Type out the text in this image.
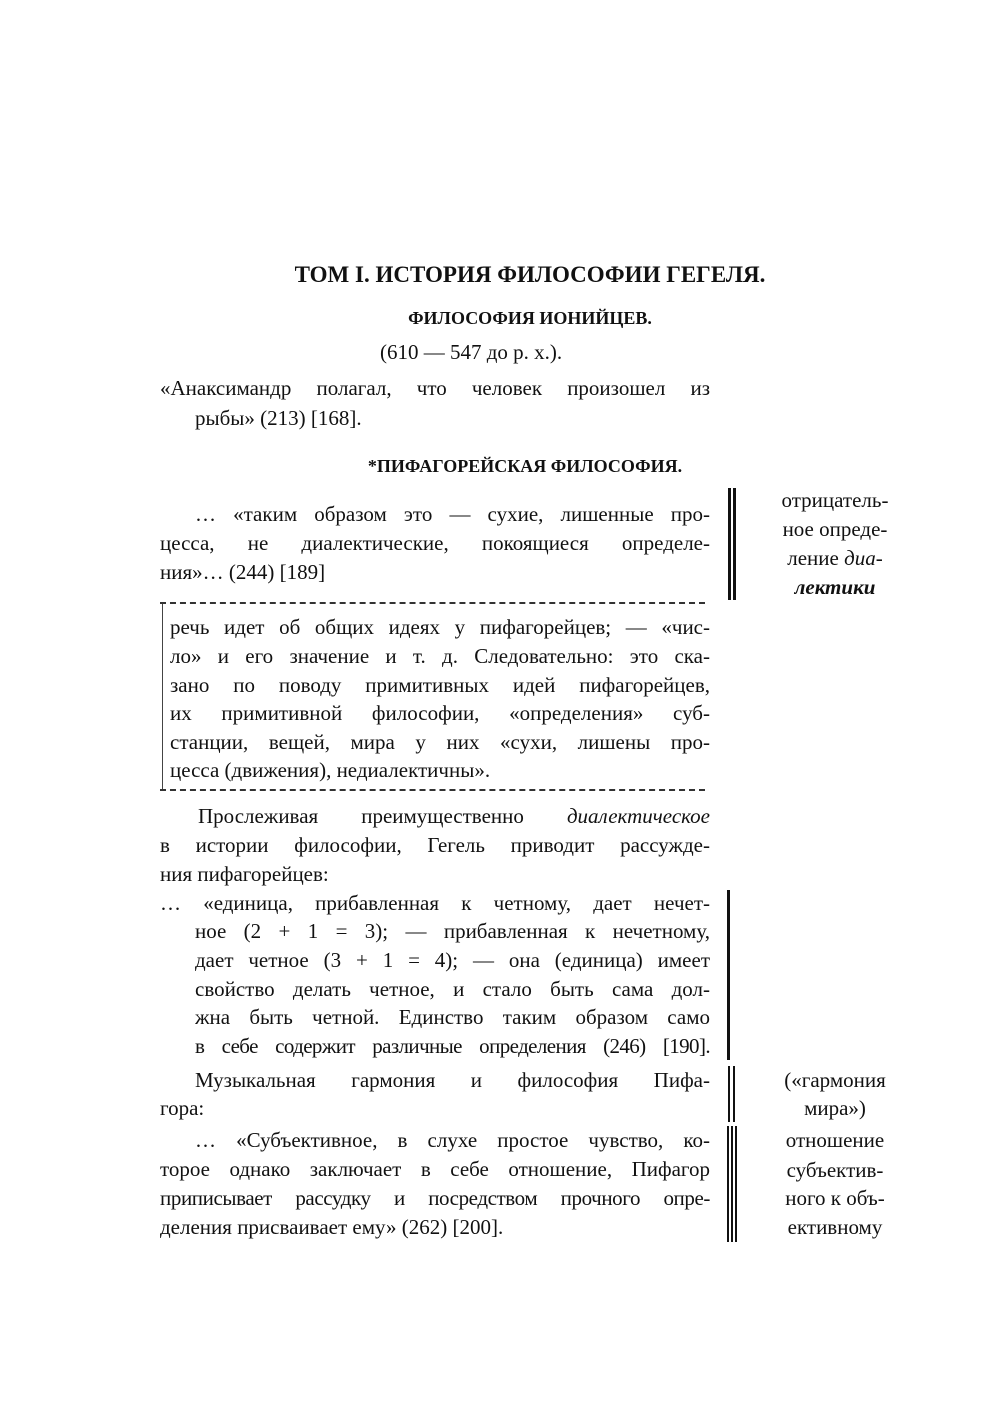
ТОМ I. ИСТОРИЯ ФИЛОСОФИИ ГЕГЕЛЯ.
ФИЛОСОФИЯ ИОНИЙЦЕВ.
(610 — 547 до р. х.).
«Анаксимандр полагал, что человек произошел из
рыбы» (213) [168].
*ПИФАГОРЕЙСКАЯ ФИЛОСОФИЯ.
… «таким образом это — сухие, лишенные про-
цесса, не диалектические, покоящиеся определе-
ния»… (244) [189]
отрицатель-
ное опреде-
ление диа-
лектики
речь идет об общих идеях у пифагорейцев; — «чис-
ло» и его значение и т. д. Следовательно: это ска-
зано по поводу примитивных идей пифагорейцев,
их примитивной философии, «определения» суб-
станции, вещей, мира у них «сухи, лишены про-
цесса (движения), недиалектичны».
Прослеживая преимущественно диалектическое
в истории философии, Гегель приводит рассужде-
ния пифагорейцев:
… «единица, прибавленная к четному, дает нечет-
ное (2 + 1 = 3); — прибавленная к нечетному,
дает четное (3 + 1 = 4); — она (единица) имеет
свойство делать четное, и стало быть сама дол-
жна быть четной. Единство таким образом само
в себе содержит различные определения (246) [190].
Музыкальная гармония и философия Пифа-
гора:
(«гармония
мира»)
… «Субъективное, в слухе простое чувство, ко-
торое однако заключает в себе отношение, Пифагор
приписывает рассудку и посредством прочного опре-
деления присваивает ему» (262) [200].
отношение
субъектив-
ного к объ-
ективному
